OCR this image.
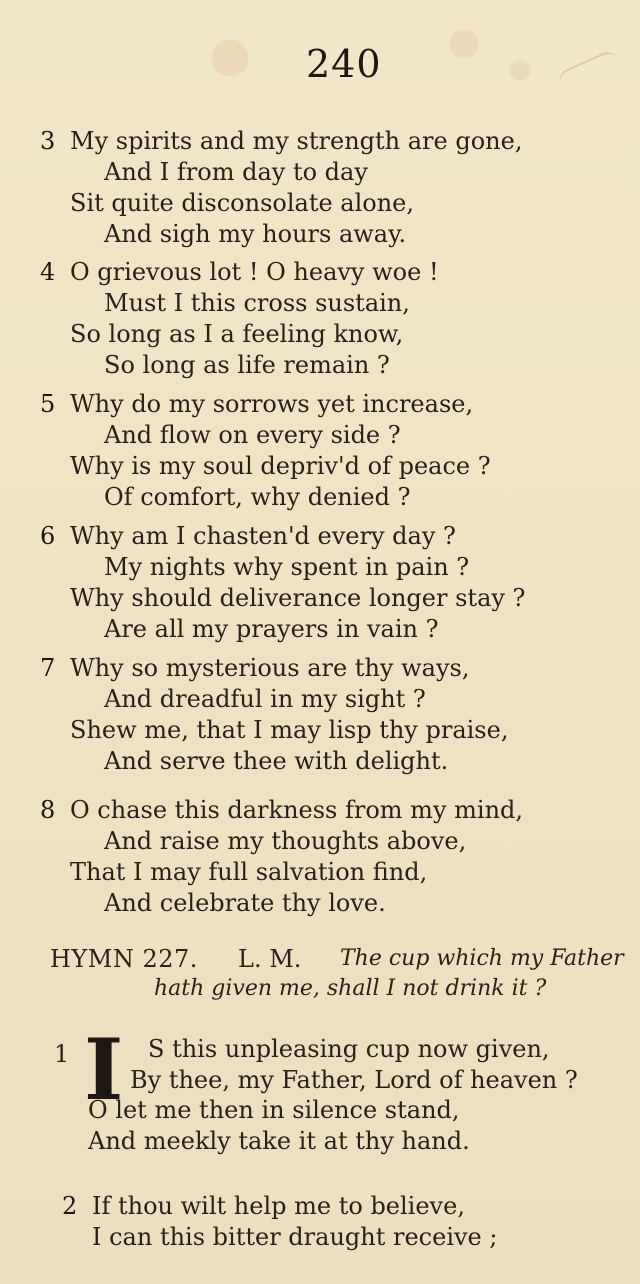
240
3 My spirits and my strength are gone,
And I from day to day
Sit quite disconsolate alone,
And sigh my hours away.
4 O grievous lot ! O heavy woe !
Must I this cross sustain,
So long as I a feeling know,
So long as life remain ?
5 Why do my sorrows yet increase,
And flow on every side ?
Why is my soul depriv'd of peace ?
Of comfort, why denied ?
6 Why am I chasten'd every day ?
My nights why spent in pain ?
Why should deliverance longer stay ?
Are all my prayers in vain ?
7 Why so mysterious are thy ways,
And dreadful in my sight ?
Shew me, that I may lisp thy praise,
And serve thee with delight.
8 O chase this darkness from my mind,
And raise my thoughts above,
That I may full salvation find,
And celebrate thy love.
HYMN 227. L. M. The cup which my Father
hath given me, shall I not drink it ?
1 I S this unpleasing cup now given,
By thee, my Father, Lord of heaven ?
O let me then in silence stand,
And meekly take it at thy hand.
2 If thou wilt help me to believe,
I can this bitter draught receive ;
